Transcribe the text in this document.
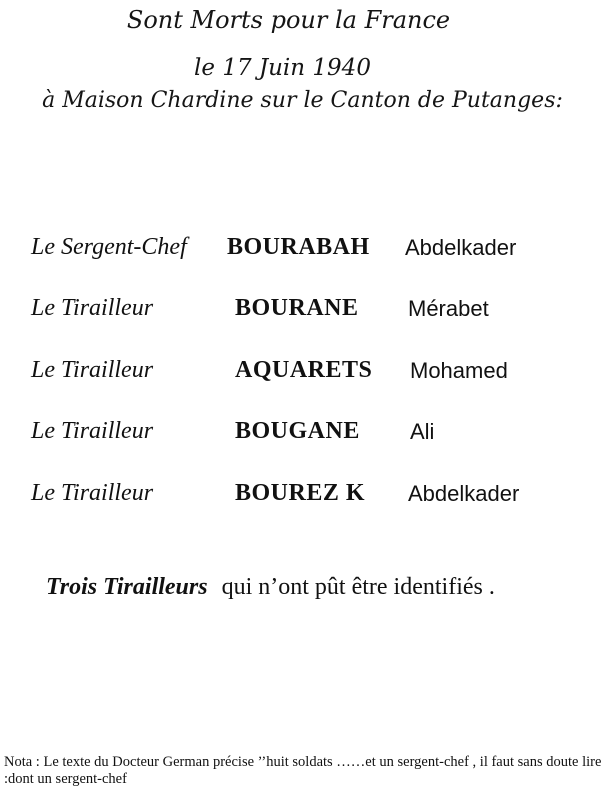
Sont Morts pour la France
le 17 Juin 1940
à Maison Chardine sur le Canton de Putanges:
Le Sergent-Chef BOURABAH Abdelkader
Le Tirailleur	BOURANE Mérabet
Le Tirailleur	AQUARETS Mohamed
Le Tirailleur	BOUGANE Ali
Le Tirailleur	BOUREZ K Abdelkader
Trois Tirailleurs qui n’ont pût être identifiés .
Nota : Le texte du Docteur German précise ’’huit soldats ……et un sergent-chef , il faut sans doute lire :dont un sergent-chef
